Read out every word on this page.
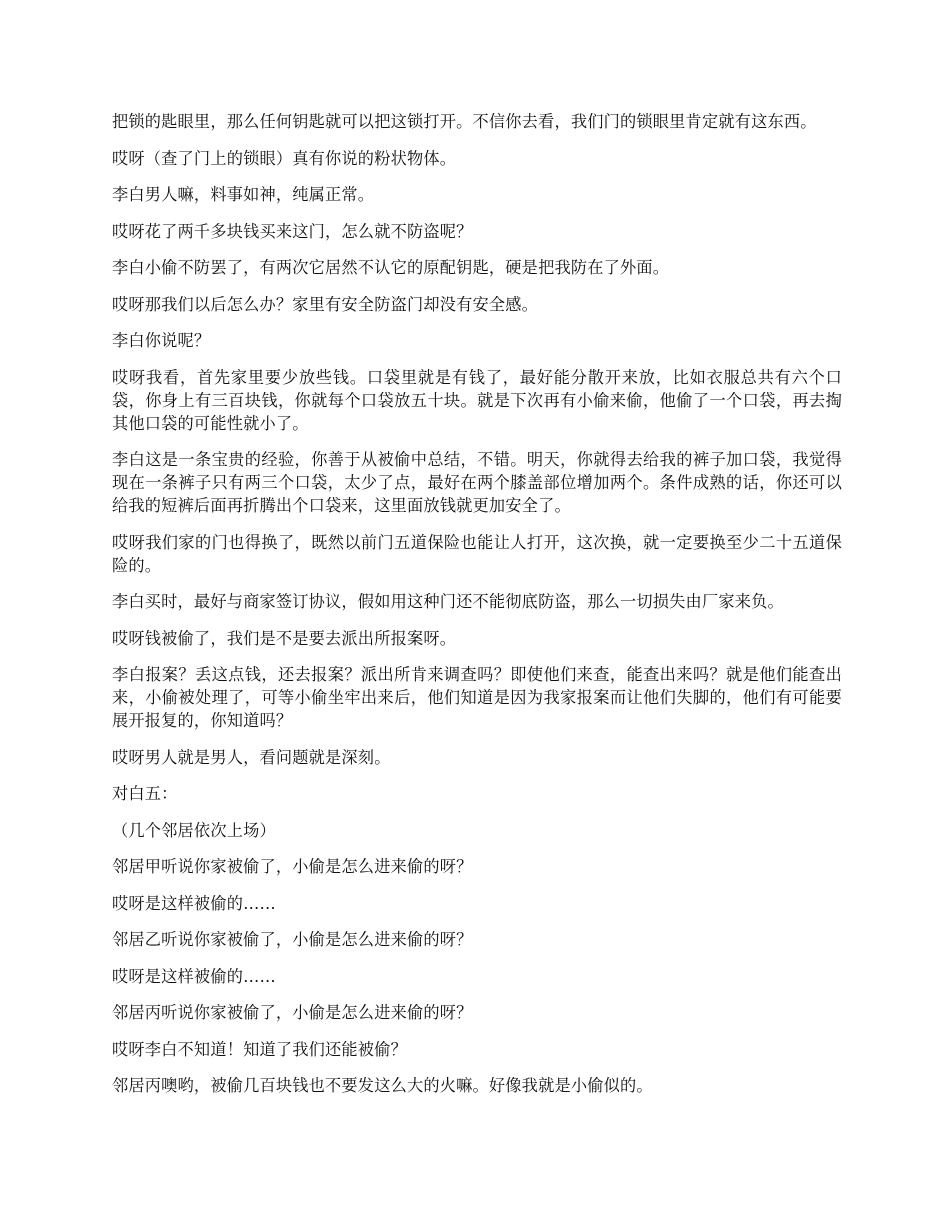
把锁的匙眼里，那么任何钥匙就可以把这锁打开。不信你去看，我们门的锁眼里肯定就有这东西。

哎呀（查了门上的锁眼）真有你说的粉状物体。

李白男人嘛，料事如神，纯属正常。

哎呀花了两千多块钱买来这门，怎么就不防盗呢？

李白小偷不防罢了，有两次它居然不认它的原配钥匙，硬是把我防在了外面。

哎呀那我们以后怎么办？家里有安全防盗门却没有安全感。

李白你说呢？

哎呀我看，首先家里要少放些钱。口袋里就是有钱了，最好能分散开来放，比如衣服总共有六个口袋，你身上有三百块钱，你就每个口袋放五十块。就是下次再有小偷来偷，他偷了一个口袋，再去掏其他口袋的可能性就小了。

李白这是一条宝贵的经验，你善于从被偷中总结，不错。明天，你就得去给我的裤子加口袋，我觉得现在一条裤子只有两三个口袋，太少了点，最好在两个膝盖部位增加两个。条件成熟的话，你还可以给我的短裤后面再折腾出个口袋来，这里面放钱就更加安全了。

哎呀我们家的门也得换了，既然以前门五道保险也能让人打开，这次换，就一定要换至少二十五道保险的。

李白买时，最好与商家签订协议，假如用这种门还不能彻底防盗，那么一切损失由厂家来负。

哎呀钱被偷了，我们是不是要去派出所报案呀。

李白报案？丢这点钱，还去报案？派出所肯来调查吗？即使他们来查，能查出来吗？就是他们能查出来，小偷被处理了，可等小偷坐牢出来后，他们知道是因为我家报案而让他们失脚的，他们有可能要展开报复的，你知道吗？

哎呀男人就是男人，看问题就是深刻。

对白五：

（几个邻居依次上场）

邻居甲听说你家被偷了，小偷是怎么进来偷的呀？

哎呀是这样被偷的……

邻居乙听说你家被偷了，小偷是怎么进来偷的呀？

哎呀是这样被偷的……

邻居丙听说你家被偷了，小偷是怎么进来偷的呀？

哎呀李白不知道！知道了我们还能被偷？

邻居丙噢哟，被偷几百块钱也不要发这么大的火嘛。好像我就是小偷似的。
